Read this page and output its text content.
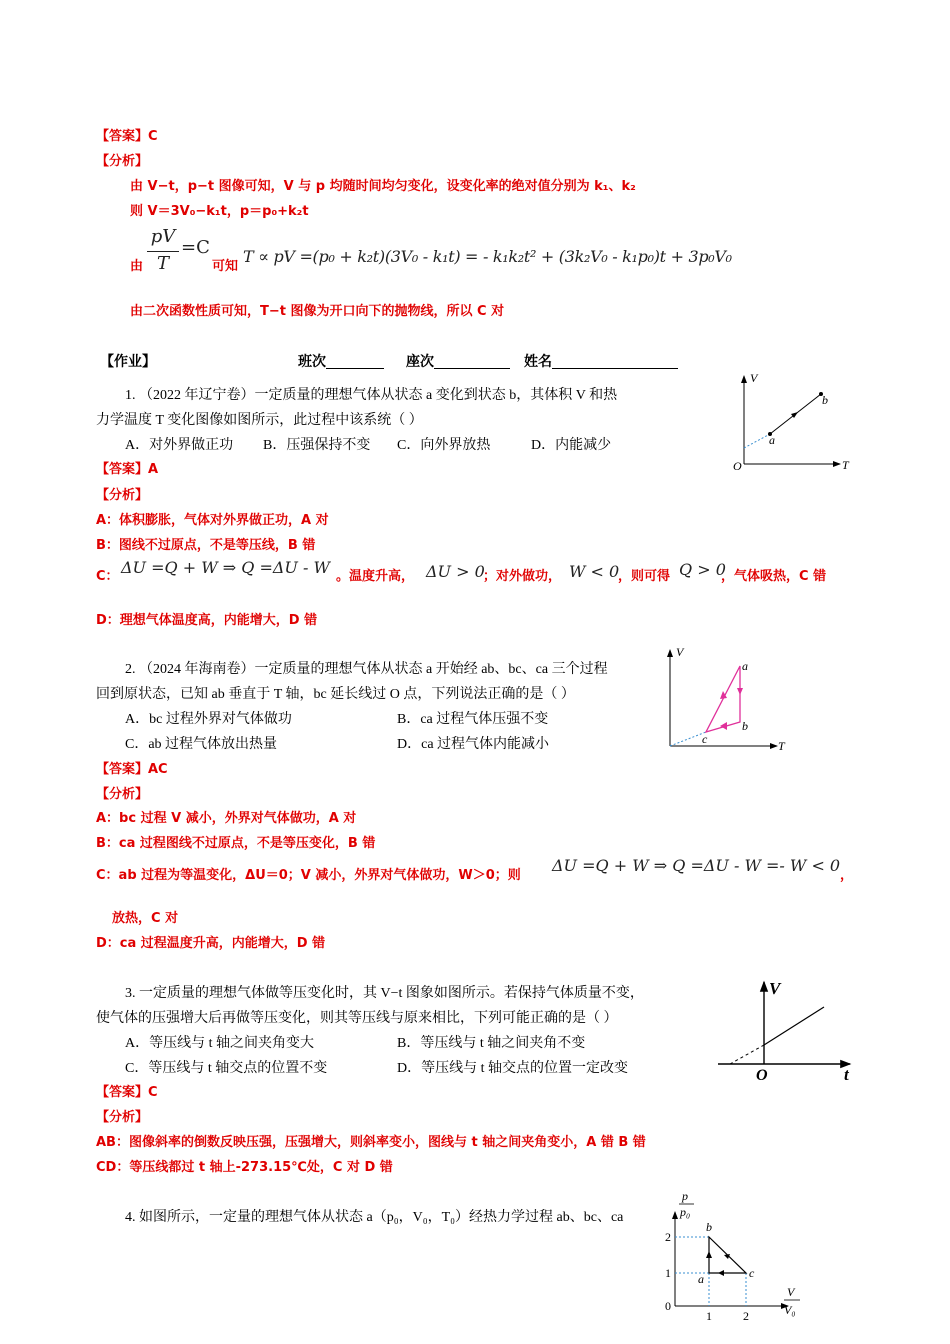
【答案】C
【分析】
由 V−t，p−t 图像可知，V 与 p 均随时间均匀变化，设变化率的绝对值分别为 k₁、k₂
则 V＝3V₀−k₁t，p＝p₀+k₂t
由
pV
T
=C
可知
T ∝ pV =(p₀ + k₂t)(3V₀ - k₁t) = - k₁k₂t² + (3k₂V₀ - k₁p₀)t + 3p₀V₀
由二次函数性质可知，T−t 图像为开口向下的抛物线，所以 C 对
【作业】	班次	座次	姓名
1. （2022 年辽宁卷）一定质量的理想气体从状态 a 变化到状态 b，其体积 V 和热
力学温度 T 变化图像如图所示，此过程中该系统（ ）
A．对外界做正功 B．压强保持不变 C．向外界放热	D．内能减少
V
T
O
a
b
【答案】A
【分析】
A：体积膨胀，气体对外界做正功，A 对
B：图线不过原点，不是等压线，B 错
C： ΔU =Q + W ⇒ Q =ΔU - W 。温度升高， ΔU > 0
；对外做功， W < 0
，则可得 Q > 0
，气体吸热，C 错
D：理想气体温度高，内能增大，D 错
2. （2024 年海南卷）一定质量的理想气体从状态 a 开始经 ab、bc、ca 三个过程
回到原状态，已知 ab 垂直于 T 轴，bc 延长线过 O 点，下列说法正确的是（ ）
A．bc 过程外界对气体做功	B．ca 过程气体压强不变
C．ab 过程气体放出热量	D．ca 过程气体内能减小
V
T
a
b
c
【答案】AC
【分析】
A：bc 过程 V 减小，外界对气体做功，A 对
B：ca 过程图线不过原点，不是等压变化，B 错
C：ab 过程为等温变化，ΔU＝0；V 减小，外界对气体做功，W＞0；则
ΔU =Q + W ⇒ Q =ΔU - W =- W < 0
，
放热，C 对
D：ca 过程温度升高，内能增大，D 错
3. 一定质量的理想气体做等压变化时，其 V−t 图象如图所示。若保持气体质量不变，
使气体的压强增大后再做等压变化，则其等压线与原来相比，下列可能正确的是（ ）
A．等压线与 t 轴之间夹角变大	B．等压线与 t 轴之间夹角不变
C．等压线与 t 轴交点的位置不变	D．等压线与 t 轴交点的位置一定改变
V
t
O
【答案】C
【分析】
AB：图像斜率的倒数反映压强，压强增大，则斜率变小，图线与 t 轴之间夹角变小，A 错 B 错
CD：等压线都过 t 轴上-273.15℃处，C 对 D 错
4. 如图所示，一定量的理想气体从状态 a（p₀，V₀，T₀）经热力学过程 ab、bc、ca
p
p₀
V
V₀
2
1
0
1	2
b
a	c
